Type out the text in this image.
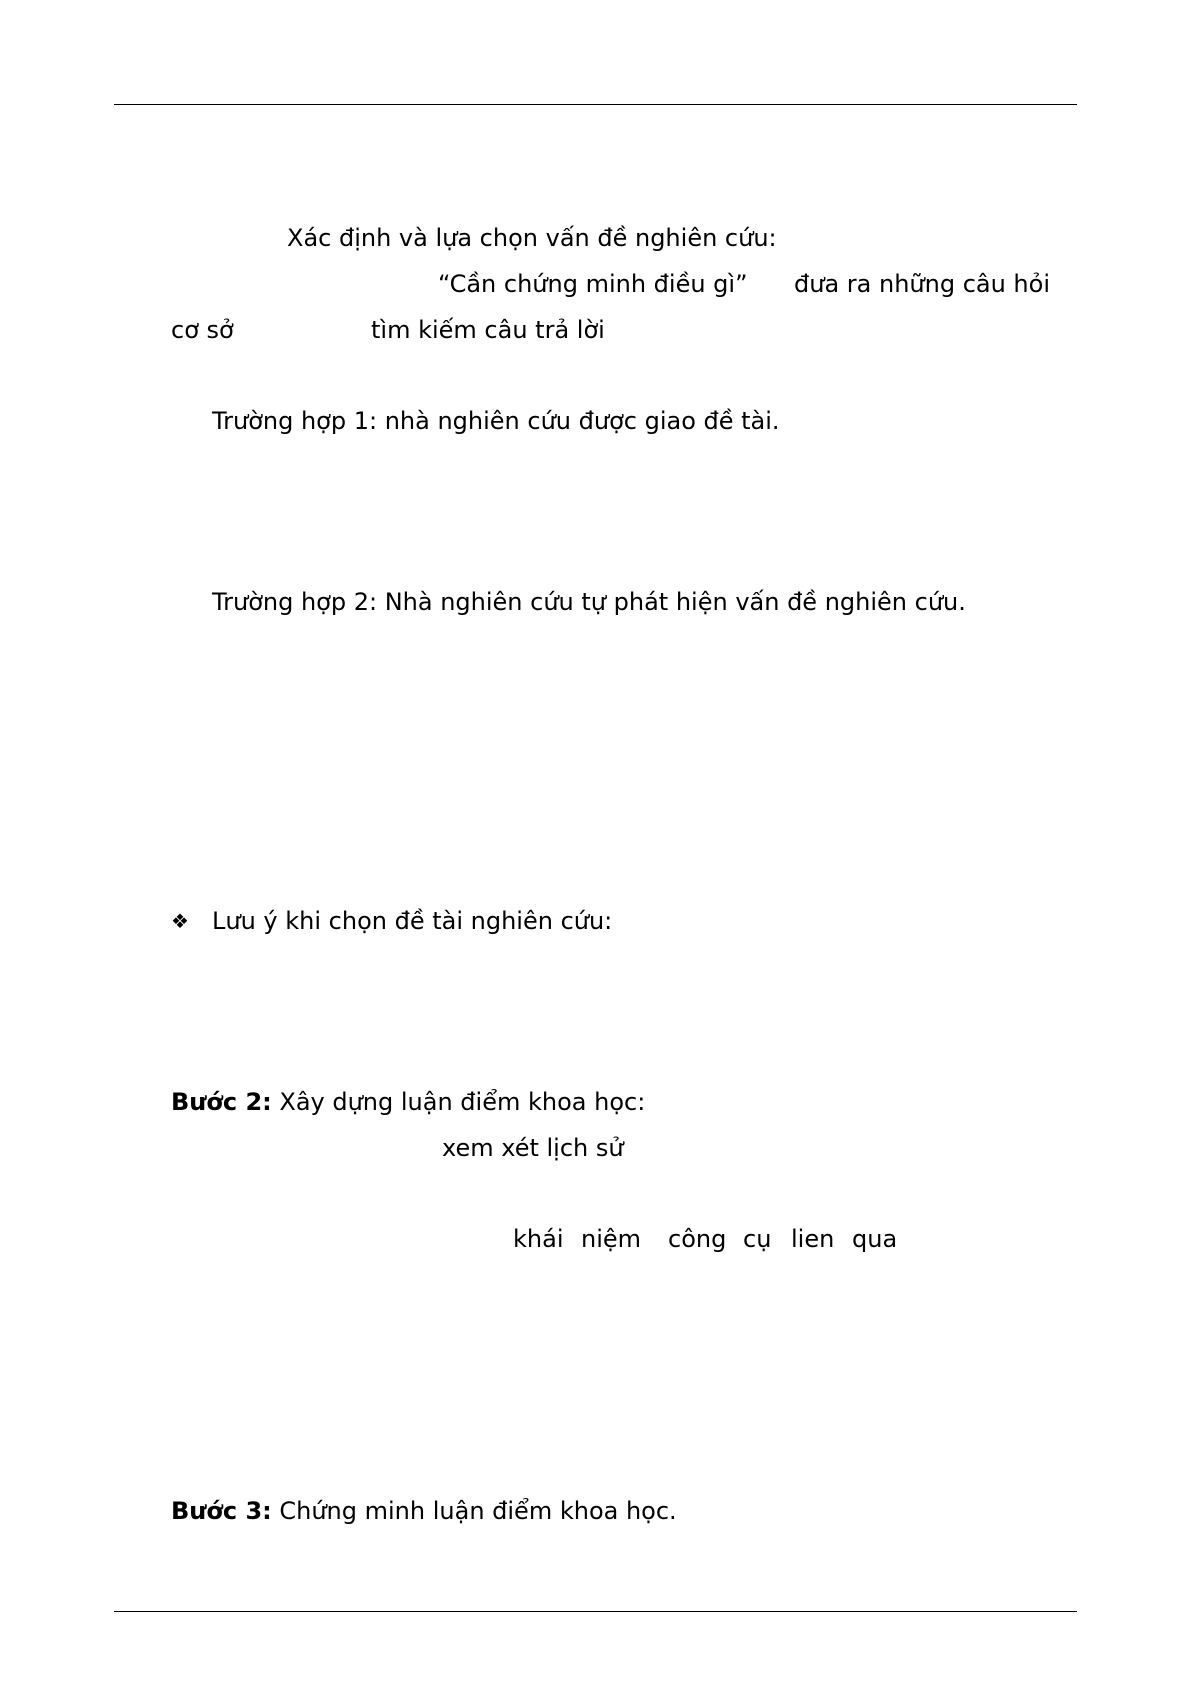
Xác định và lựa chọn vấn đề nghiên cứu:
“Cần chứng minh điều gì” đưa ra những câu hỏi
cơ sở	tìm kiếm câu trả lời
Trường hợp 1: nhà nghiên cứu được giao đề tài.
Trường hợp 2: Nhà nghiên cứu tự phát hiện vấn đề nghiên cứu.
❖ Lưu ý khi chọn đề tài nghiên cứu:
Bước 2: Xây dựng luận điểm khoa học:
xem xét lịch sử
khái niệm công cụ lien qua
Bước 3: Chứng minh luận điểm khoa học.
